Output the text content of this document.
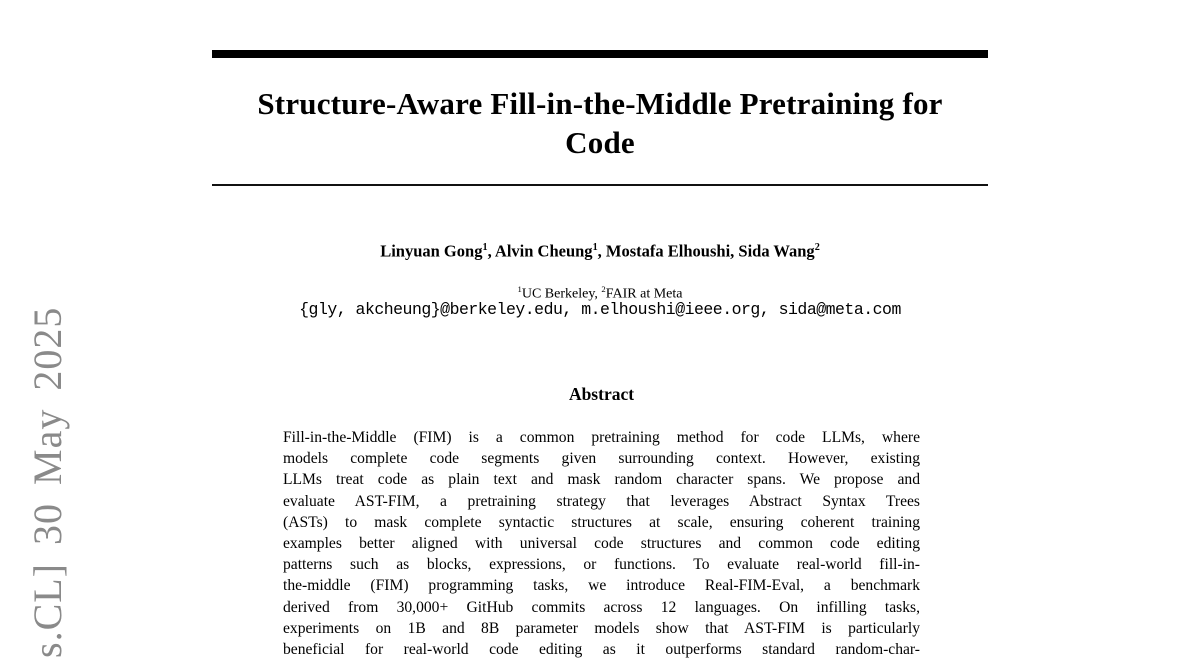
s.CL] 30 May 2025
Structure-Aware Fill-in-the-Middle Pretraining for
Code
Linyuan Gong$^1$, Alvin Cheung$^1$, Mostafa Elhoushi, Sida Wang$^2$
$^1$UC Berkeley, $^2$FAIR at Meta
{gly, akcheung}@berkeley.edu, m.elhoushi@ieee.org, sida@meta.com
Abstract
Fill-in-the-Middle (FIM) is a common pretraining method for code LLMs, where
models complete code segments given surrounding context. However, existing
LLMs treat code as plain text and mask random character spans. We propose and
evaluate AST-FIM, a pretraining strategy that leverages Abstract Syntax Trees
(ASTs) to mask complete syntactic structures at scale, ensuring coherent training
examples better aligned with universal code structures and common code editing
patterns such as blocks, expressions, or functions. To evaluate real-world fill-in-
the-middle (FIM) programming tasks, we introduce Real-FIM-Eval, a benchmark
derived from 30,000+ GitHub commits across 12 languages. On infilling tasks,
experiments on 1B and 8B parameter models show that AST-FIM is particularly
beneficial for real-world code editing as it outperforms standard random-char-
